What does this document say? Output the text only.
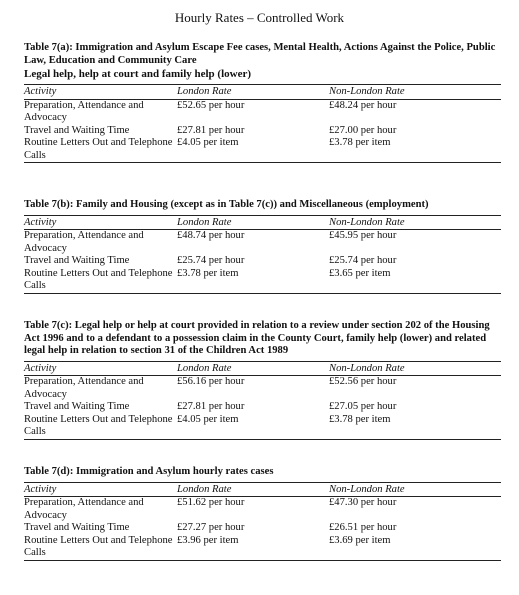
Hourly Rates – Controlled Work
Table 7(a): Immigration and Asylum Escape Fee cases, Mental Health, Actions Against the Police, Public Law, Education and Community Care
Legal help, help at court and family help (lower)
Activity	London Rate	Non-London Rate
Preparation, Attendance and Advocacy	£52.65 per hour	£48.24 per hour
Travel and Waiting Time	£27.81 per hour	£27.00 per hour
Routine Letters Out and Telephone Calls	£4.05 per item	£3.78 per item
Table 7(b): Family and Housing (except as in Table 7(c)) and Miscellaneous (employment)
Activity	London Rate	Non-London Rate
Preparation, Attendance and Advocacy	£48.74 per hour	£45.95 per hour
Travel and Waiting Time	£25.74 per hour	£25.74 per hour
Routine Letters Out and Telephone Calls	£3.78 per item	£3.65 per item
Table 7(c): Legal help or help at court provided in relation to a review under section 202 of the Housing Act 1996 and to a defendant to a possession claim in the County Court, family help (lower) and related legal help in relation to section 31 of the Children Act 1989
Activity	London Rate	Non-London Rate
Preparation, Attendance and Advocacy	£56.16 per hour	£52.56 per hour
Travel and Waiting Time	£27.81 per hour	£27.05 per hour
Routine Letters Out and Telephone Calls	£4.05 per item	£3.78 per item
Table 7(d): Immigration and Asylum hourly rates cases
Activity	London Rate	Non-London Rate
Preparation, Attendance and Advocacy	£51.62 per hour	£47.30 per hour
Travel and Waiting Time	£27.27 per hour	£26.51 per hour
Routine Letters Out and Telephone Calls	£3.96 per item	£3.69 per item
